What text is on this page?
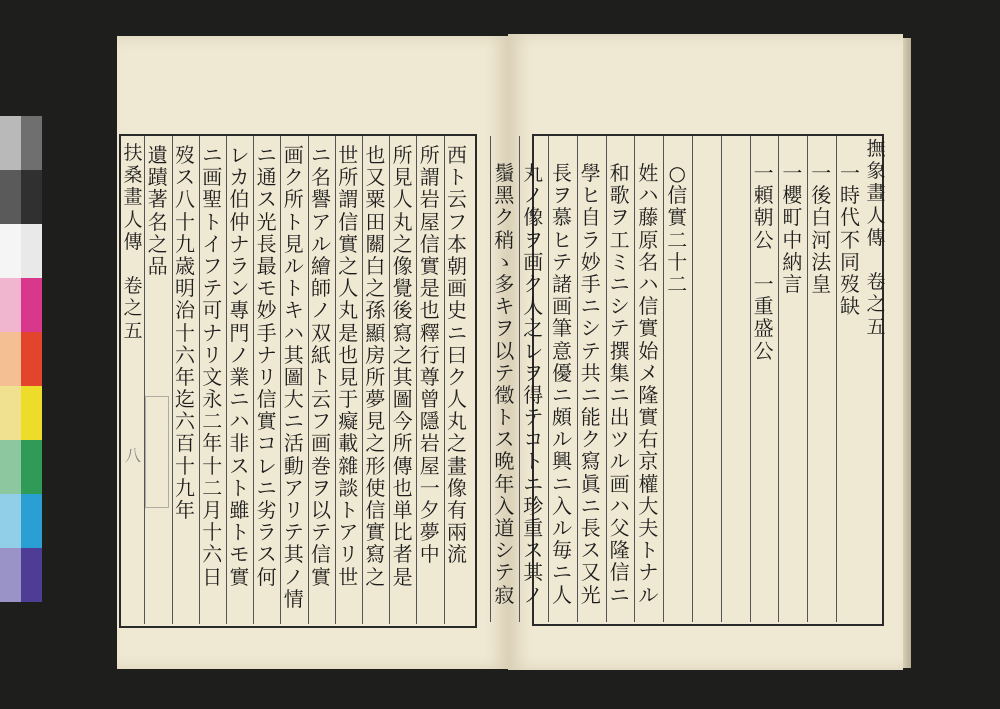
扶
桑
畫
人
傳
卷
之
五
八
西
ト
云
フ
本
朝
画
史
ニ
曰
ク
人
丸
之
畫
像
有
兩
流
所
謂
岩
屋
信
實
是
也
釋
行
尊
曾
隱
岩
屋
一
夕
夢
中
所
見
人
丸
之
像
覺
後
寫
之
其
圖
今
所
傳
也
単
比
者
是
也
又
粟
田
關
白
之
孫
顯
房
所
夢
見
之
形
使
信
實
寫
之
世
所
謂
信
實
之
人
丸
是
也
見
于
癡
載
雜
談
ト
ア
リ
世
ニ
名
譽
ア
ル
繪
師
ノ
双
紙
ト
云
フ
画
巻
ヲ
以
テ
信
實
画
ク
所
ト
見
ル
ト
キ
ハ
其
圖
大
ニ
活
動
ア
リ
テ
其
ノ
情
ニ
通
ス
光
長
最
モ
妙
手
ナ
リ
信
實
コ
レ
ニ
劣
ラ
ス
何
レ
カ
伯
仲
ナ
ラ
ン
專
門
ノ
業
ニ
ハ
非
ス
ト
雖
ト
モ
實
ニ
画
聖
ト
イ
フ
テ
可
ナ
リ
文
永
二
年
十
二
月
十
六
日
歿
ス
八
十
九
歳
明
治
十
六
年
迄
六
百
十
九
年
遺
蹟
著
名
之
品
撫
象
畫
人
傳
卷
之
五
一
時
代
不
同
歿
缺
一
後
白
河
法
皇
一
櫻
町
中
納
言
一
頼
朝
公

一
重
盛
公
○
信
實
二
十
二
姓
ハ
藤
原
名
ハ
信
實
始
メ
隆
實
右
京
權
大
夫
ト
ナ
ル
和
歌
ヲ
工
ミ
ニ
シ
テ
撰
集
ニ
出
ツ
ル
画
ハ
父
隆
信
ニ
學
ヒ
自
ラ
妙
手
ニ
シ
テ
共
ニ
能
ク
寫
眞
ニ
長
ス
又
光
長
ヲ
慕
ヒ
テ
諸
画
筆
意
優
ニ
頗
ル
興
ニ
入
ル
毎
ニ
人
丸
ノ
像
ヲ
画
ク
人
之
レ
ヲ
得
テ
コ
ト
ニ
珍
重
ス
其
ノ
鬚
黑
ク
稍
ゝ
多
キ
ヲ
以
テ
徵
ト
ス
晩
年
入
道
シ
テ
寂
